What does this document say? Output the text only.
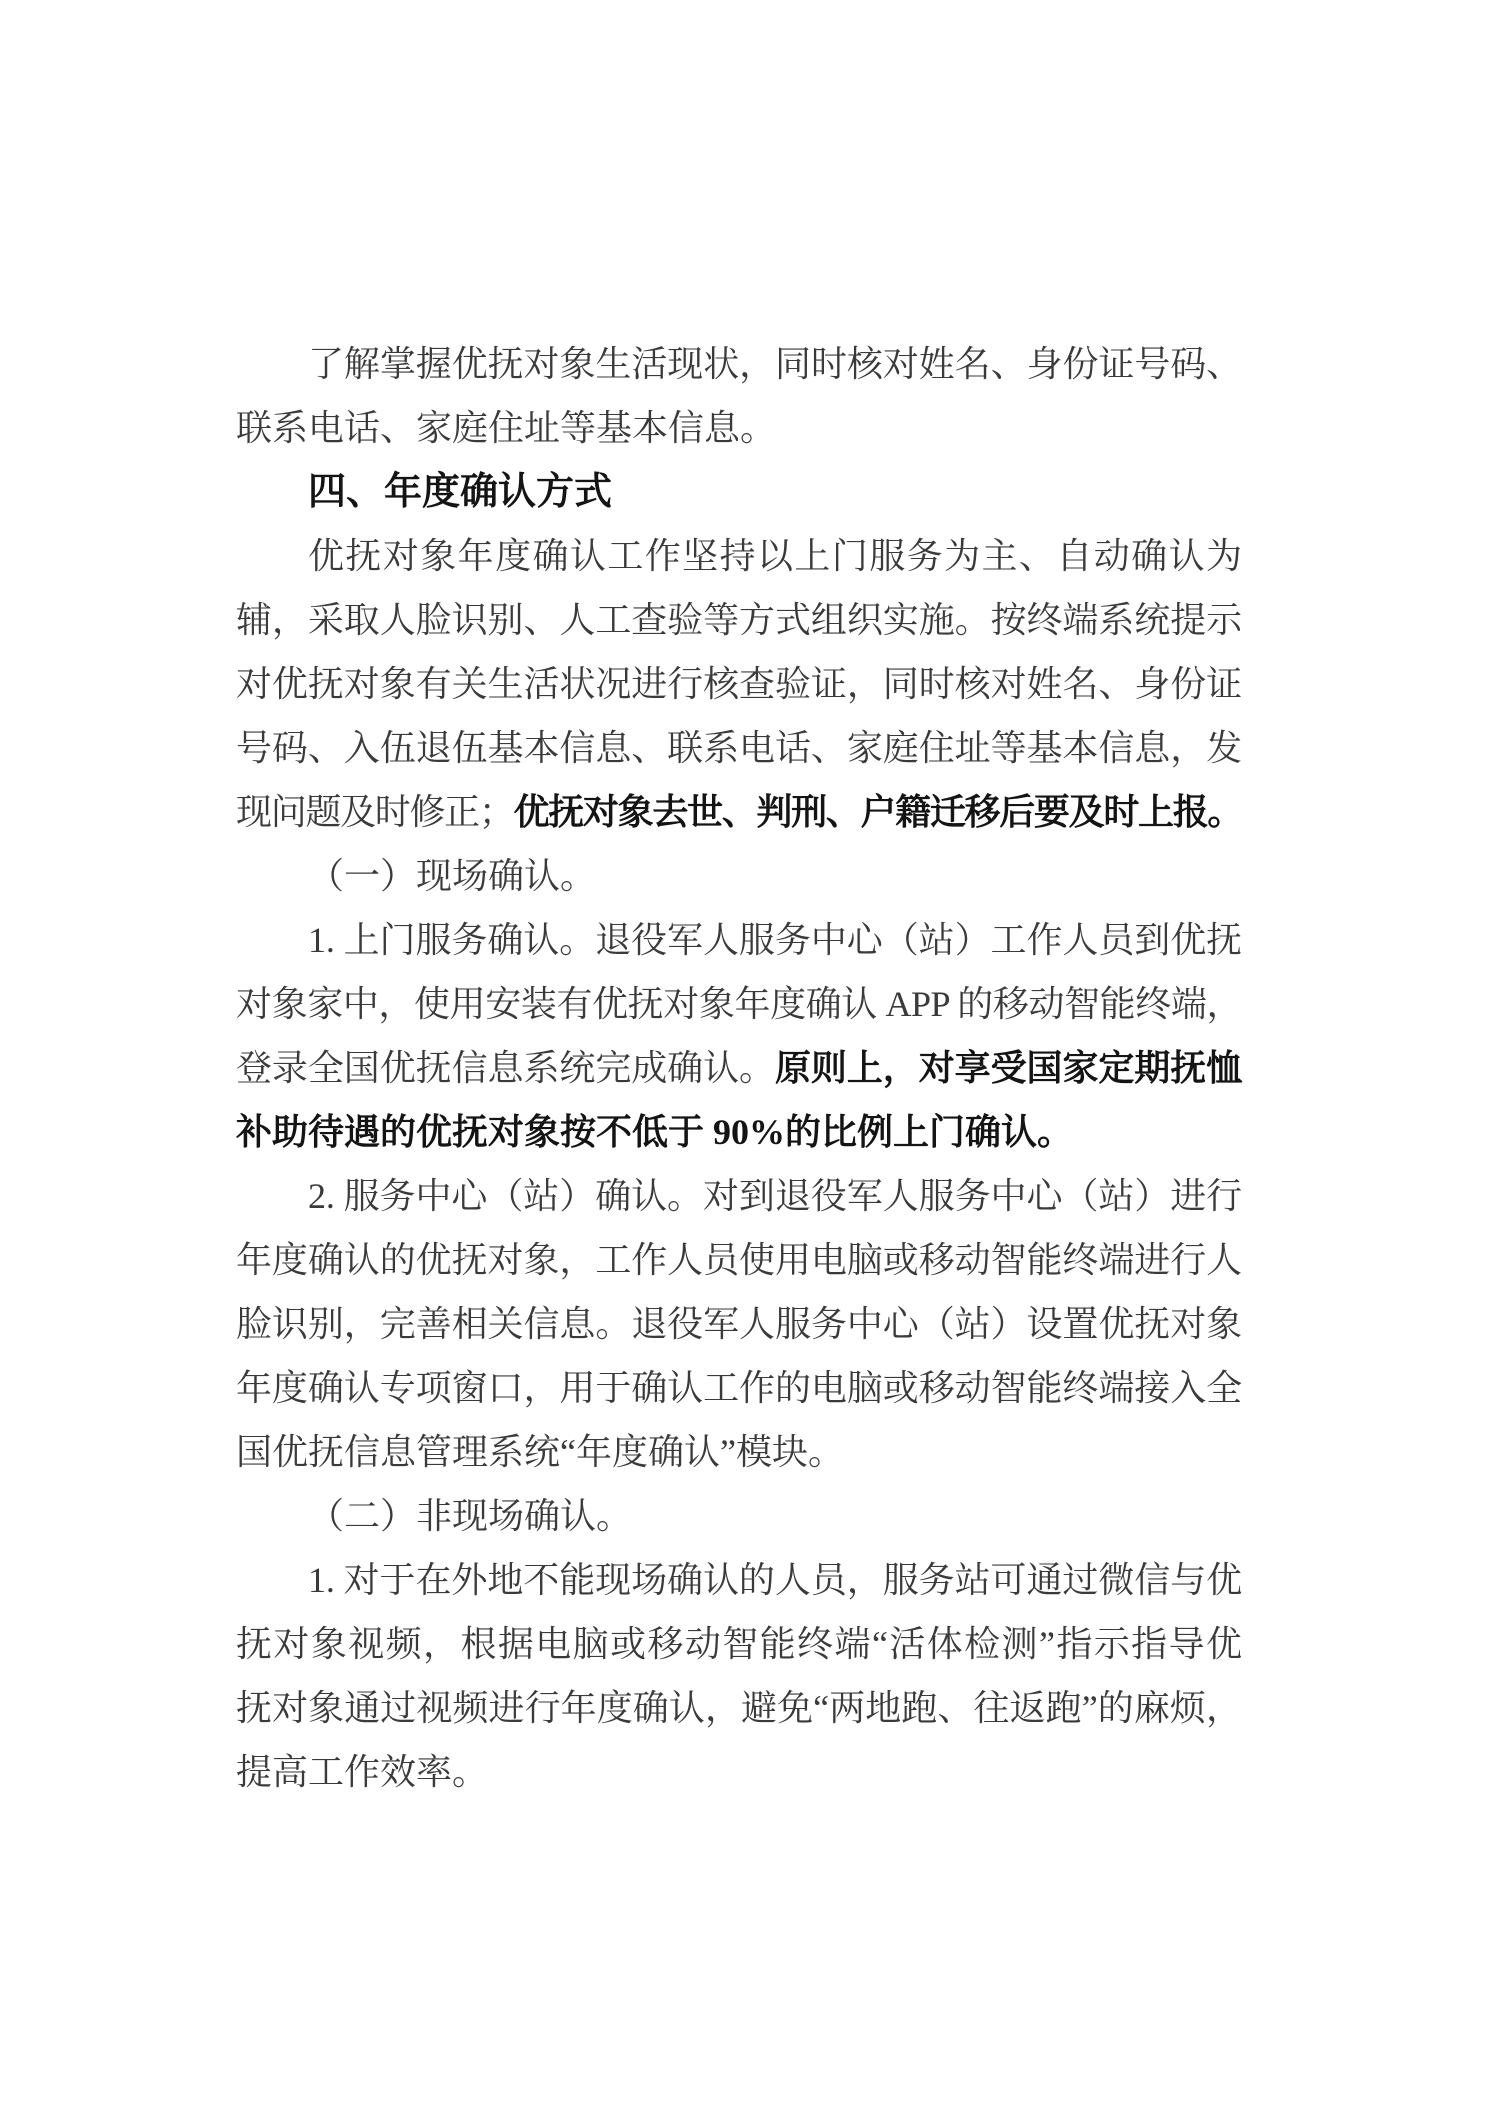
了解掌握优抚对象生活现状，同时核对姓名、身份证号码、
联系电话、家庭住址等基本信息。
四、年度确认方式
优抚对象年度确认工作坚持以上门服务为主、自动确认为
辅，采取人脸识别、人工查验等方式组织实施。按终端系统提示
对优抚对象有关生活状况进行核查验证，同时核对姓名、身份证
号码、入伍退伍基本信息、联系电话、家庭住址等基本信息，发
现问题及时修正；优抚对象去世、判刑、户籍迁移后要及时上报。
（一）现场确认。
1. 上门服务确认。退役军人服务中心（站）工作人员到优抚
对象家中，使用安装有优抚对象年度确认 APP 的移动智能终端，
登录全国优抚信息系统完成确认。原则上，对享受国家定期抚恤
补助待遇的优抚对象按不低于 90%的比例上门确认。
2. 服务中心（站）确认。对到退役军人服务中心（站）进行
年度确认的优抚对象，工作人员使用电脑或移动智能终端进行人
脸识别，完善相关信息。退役军人服务中心（站）设置优抚对象
年度确认专项窗口，用于确认工作的电脑或移动智能终端接入全
国优抚信息管理系统“年度确认”模块。
（二）非现场确认。
1. 对于在外地不能现场确认的人员，服务站可通过微信与优
抚对象视频，根据电脑或移动智能终端“活体检测”指示指导优
抚对象通过视频进行年度确认，避免“两地跑、往返跑”的麻烦，
提高工作效率。
